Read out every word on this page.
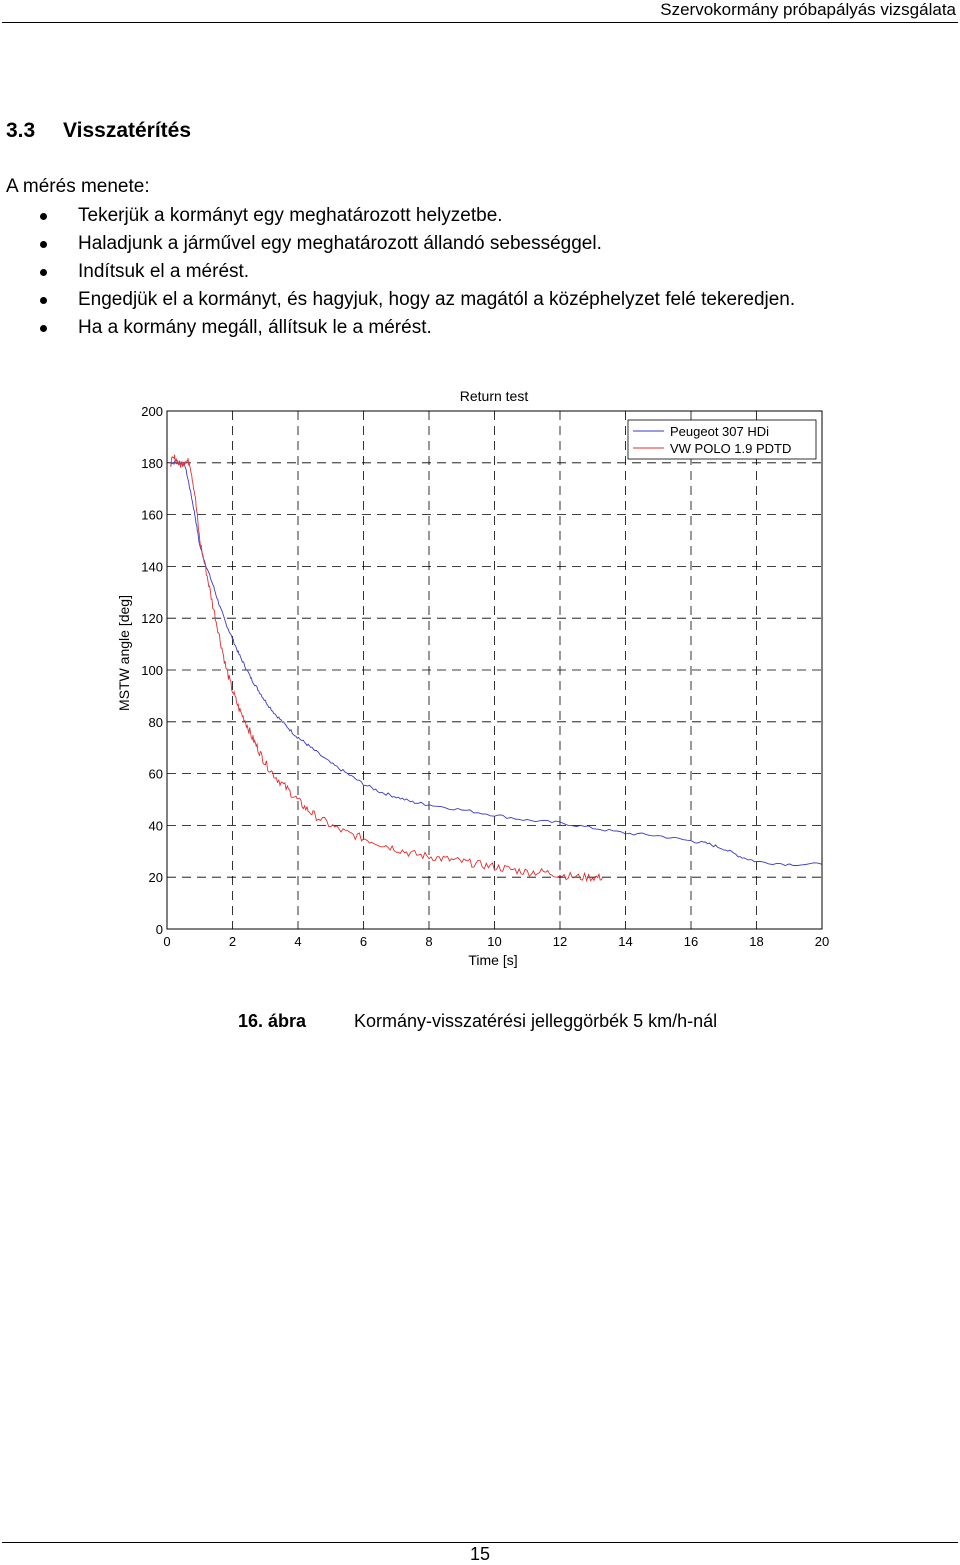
Szervokormány próbapályás vizsgálata
3.3 Visszatérítés
A mérés menete:
Tekerjük a kormányt egy meghatározott helyzetbe.
Haladjunk a járművel egy meghatározott állandó sebességgel.
Indítsuk el a mérést.
Engedjük el a kormányt, és hagyjuk, hogy az magától a középhelyzet felé tekeredjen.
Ha a kormány megáll, állítsuk le a mérést.
Return test
MSTW angle [deg]
Time [s]
0	2	4	6	8	10	12	14	16	18	20
0
20
40
60
80
100
120
140
160
180
200
Peugeot 307 HDi
VW POLO 1.9 PDTD
16. ábra	Kormány-visszatérési jelleggörbék 5 km/h-nál
15
